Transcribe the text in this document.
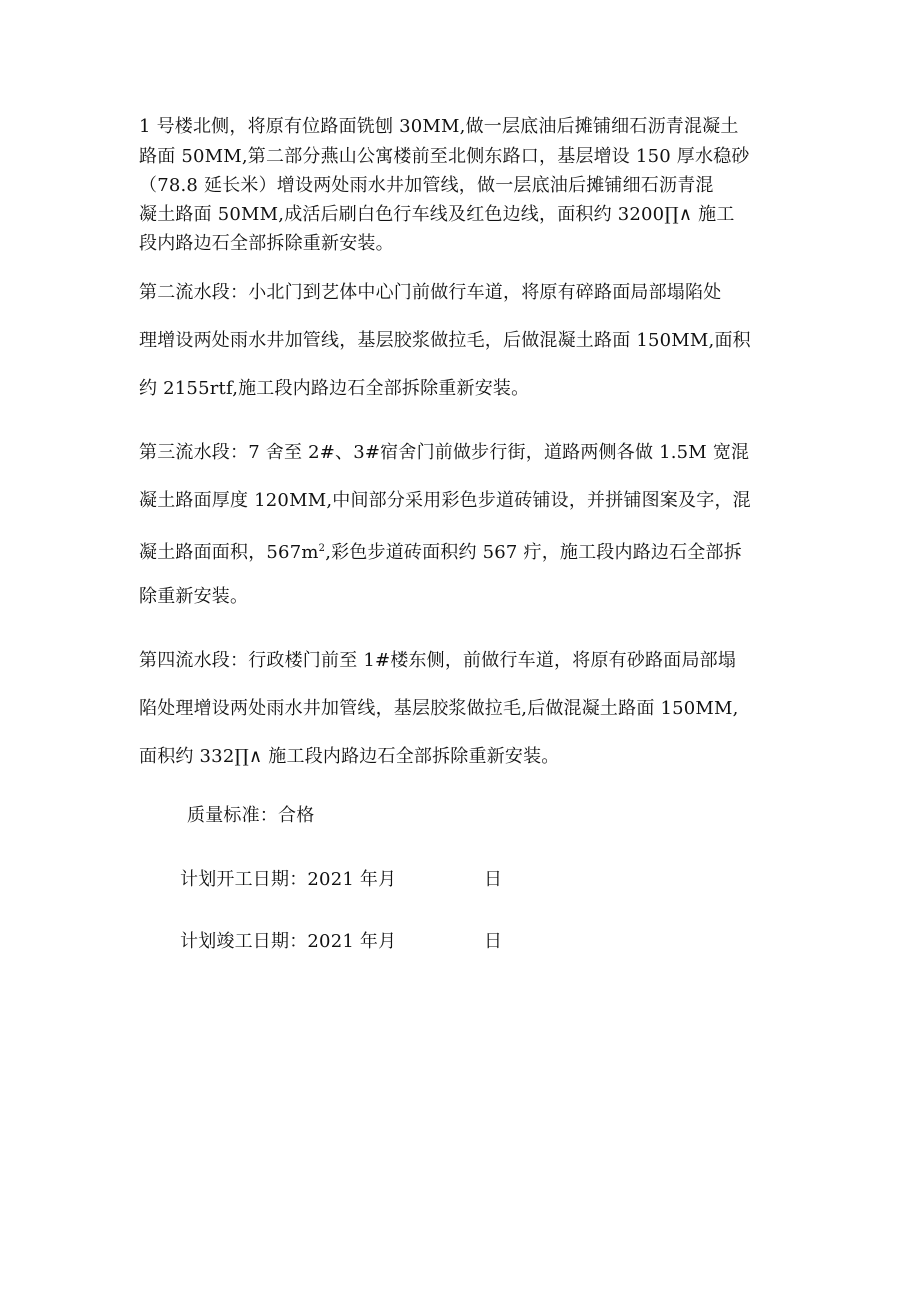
1 号楼北侧，将原有位路面铣刨 30MM,做一层底油后摊铺细石沥青混凝土
路面 50MM,第二部分燕山公寓楼前至北侧东路口，基层增设 150 厚水稳砂
（78.8 延长米）增设两处雨水井加管线，做一层底油后摊铺细石沥青混
凝土路面 50MM,成活后刷白色行车线及红色边线，面积约 3200∏∧ 施工
段内路边石全部拆除重新安装。
第二流水段：小北门到艺体中心门前做行车道，将原有碎路面局部塌陷处
理增设两处雨水井加管线，基层胶浆做拉毛，后做混凝土路面 150MM,面积
约 2155rtf,施工段内路边石全部拆除重新安装。
第三流水段：7 舍至 2#、3#宿舍门前做步行街，道路两侧各做 1.5M 宽混
凝土路面厚度 120MM,中间部分采用彩色步道砖铺设，并拼铺图案及字，混
凝土路面面积，$567m^2$,彩色步道砖面积约 567 疔，施工段内路边石全部拆
除重新安装。
第四流水段：行政楼门前至 1#楼东侧，前做行车道，将原有砂路面局部塌
陷处理增设两处雨水井加管线，基层胶浆做拉毛,后做混凝土路面 150MM,
面积约 332∏∧ 施工段内路边石全部拆除重新安装。
质量标准：合格
计划开工日期：2021 年月	日
计划竣工日期：2021 年月	日
